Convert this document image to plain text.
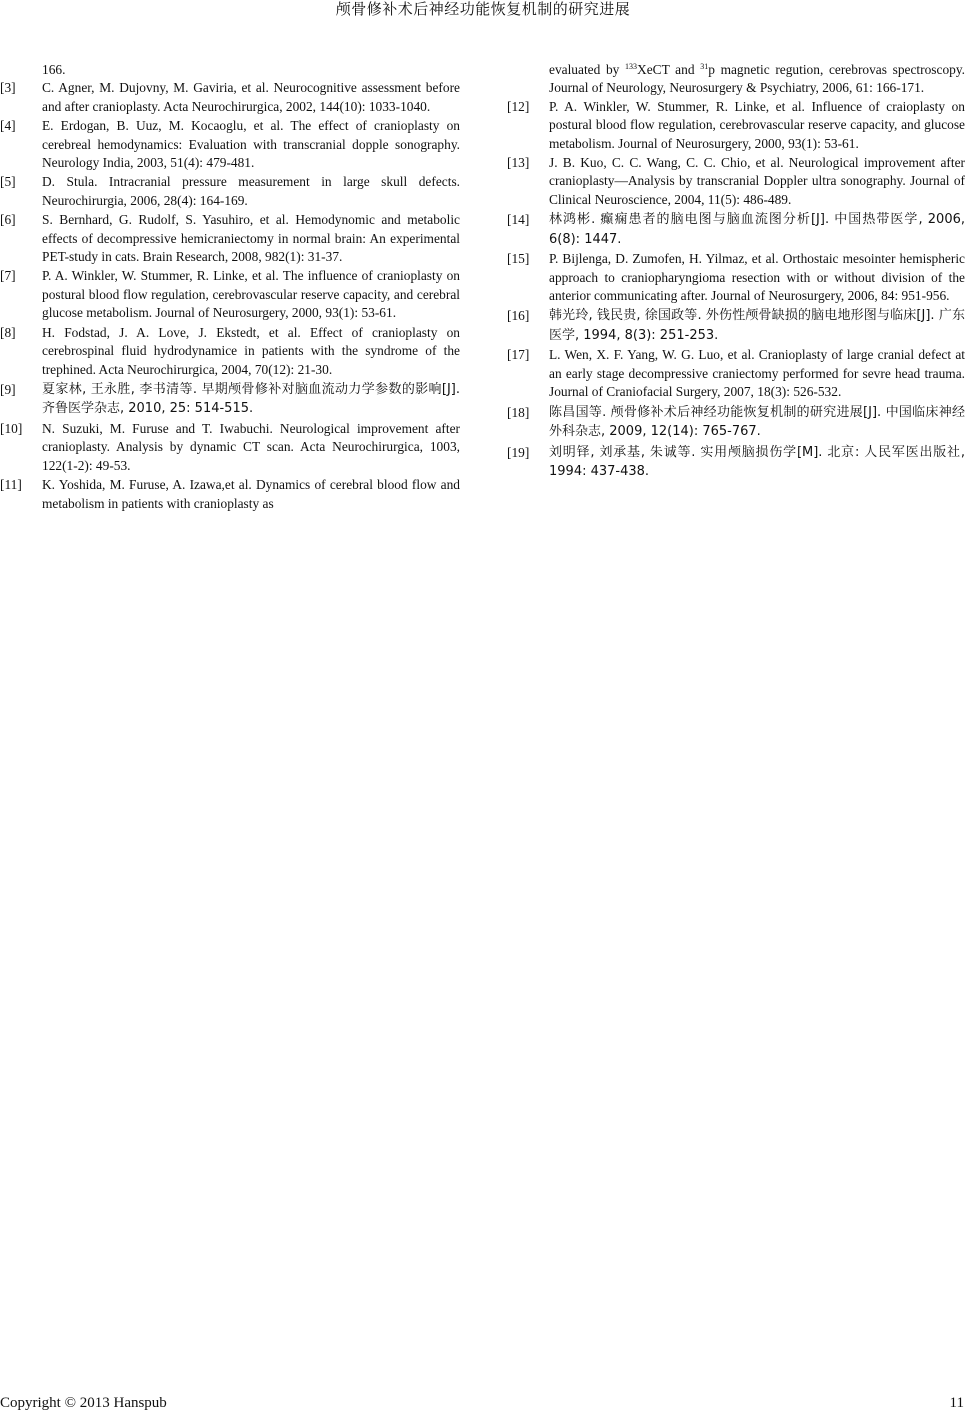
颅骨修补术后神经功能恢复机制的研究进展
166.
[3]	C. Agner, M. Dujovny, M. Gaviria, et al. Neurocognitive assessment before and after cranioplasty. Acta Neurochirurgica, 2002, 144(10): 1033-1040.
[4]	E. Erdogan, B. Uuz, M. Kocaoglu, et al. The effect of cranioplasty on cerebreal hemodynamics: Evaluation with transcranial dopple sonography. Neurology India, 2003, 51(4): 479-481.
[5]	D. Stula. Intracranial pressure measurement in large skull defects. Neurochirurgia, 2006, 28(4): 164-169.
[6]	S. Bernhard, G. Rudolf, S. Yasuhiro, et al. Hemodynomic and metabolic effects of decompressive hemicraniectomy in normal brain: An experimental PET-study in cats. Brain Research, 2008, 982(1): 31-37.
[7]	P. A. Winkler, W. Stummer, R. Linke, et al. The influence of cranioplasty on postural blood flow regulation, cerebrovascular reserve capacity, and cerebral glucose metabolism. Journal of Neurosurgery, 2000, 93(1): 53-61.
[8]	H. Fodstad, J. A. Love, J. Ekstedt, et al. Effect of cranioplasty on cerebrospinal fluid hydrodynamice in patients with the syndrome of the trephined. Acta Neurochirurgica, 2004, 70(12): 21-30.
[9]	夏家林, 王永胜, 李书清等. 早期颅骨修补对脑血流动力学参数的影响[J]. 齐鲁医学杂志, 2010, 25: 514-515.
[10]	N. Suzuki, M. Furuse and T. Iwabuchi. Neurological improvement after cranioplasty. Analysis by dynamic CT scan. Acta Neurochirurgica, 1003, 122(1-2): 49-53.
[11]	K. Yoshida, M. Furuse, A. Izawa,et al. Dynamics of cerebral blood flow and metabolism in patients with cranioplasty as
evaluated by $^{133}$XeCT and $^{31}$p magnetic regution, cerebrovas spectroscopy. Journal of Neurology, Neurosurgery & Psychiatry, 2006, 61: 166-171.
[12]	P. A. Winkler, W. Stummer, R. Linke, et al. Influence of craioplasty on postural blood flow regulation, cerebrovascular reserve capacity, and glucose metabolism. Journal of Neurosurgery, 2000, 93(1): 53-61.
[13]	J. B. Kuo, C. C. Wang, C. C. Chio, et al. Neurological improvement after cranioplasty—Analysis by transcranial Doppler ultra sonography. Journal of Clinical Neuroscience, 2004, 11(5): 486-489.
[14]	林鸿彬. 癫痫患者的脑电图与脑血流图分析[J]. 中国热带医学, 2006, 6(8): 1447.
[15]	P. Bijlenga, D. Zumofen, H. Yilmaz, et al. Orthostaic mesointer hemispheric approach to craniopharyngioma resection with or without division of the anterior communicating after. Journal of Neurosurgery, 2006, 84: 951-956.
[16]	韩光玲, 钱民贵, 徐国政等. 外伤性颅骨缺损的脑电地形图与临床[J]. 广东医学, 1994, 8(3): 251-253.
[17]	L. Wen, X. F. Yang, W. G. Luo, et al. Cranioplasty of large cranial defect at an early stage decompressive craniectomy performed for sevre head trauma. Journal of Craniofacial Surgery, 2007, 18(3): 526-532.
[18]	陈昌国等. 颅骨修补术后神经功能恢复机制的研究进展[J]. 中国临床神经外科杂志, 2009, 12(14): 765-767.
[19]	刘明铎, 刘承基, 朱诚等. 实用颅脑损伤学[M]. 北京: 人民军医出版社, 1994: 437-438.
Copyright © 2013 Hanspub	11
